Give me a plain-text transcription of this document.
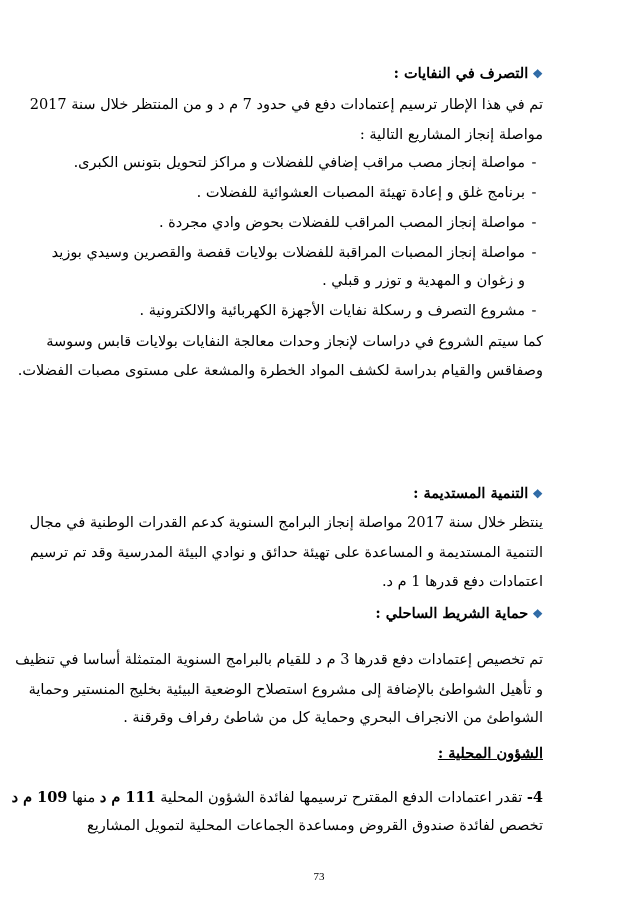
❖التصرف في النفايات :
تم في هذا الإطار ترسيم إعتمادات دفع في حدود 7 م د و من المنتظر خلال سنة 2017
مواصلة إنجاز المشاريع التالية :
-مواصلة إنجاز مصب مراقب إضافي للفضلات و مراكز لتحويل بتونس الكبرى.
-برنامج غلق و إعادة تهيئة المصبات العشوائية للفضلات .
-مواصلة إنجاز المصب المراقب للفضلات بحوض وادي مجردة .
-مواصلة إنجاز المصبات المراقبة للفضلات بولايات قفصة والقصرين وسيدي بوزيد
و زغوان و المهدية و توزر و قبلي .
-مشروع التصرف و رسكلة نفايات الأجهزة الكهربائية والالكترونية .
كما سيتم الشروع في دراسات لإنجاز وحدات معالجة النفايات بولايات قابس وسوسة
وصفاقس والقيام بدراسة لكشف المواد الخطرة والمشعة على مستوى مصبات الفضلات.
❖التنمية المستديمة :
ينتظر خلال سنة 2017 مواصلة إنجاز البرامج السنوية كدعم القدرات الوطنية في مجال
التنمية المستديمة و المساعدة على تهيئة حدائق و نوادي البيئة المدرسية وقد تم ترسيم
اعتمادات دفع قدرها 1 م د.
❖حماية الشريط الساحلي :
تم تخصيص إعتمادات دفع قدرها 3 م د للقيام بالبرامج السنوية المتمثلة أساسا في تنظيف
و تأهيل الشواطئ بالإضافة إلى مشروع استصلاح الوضعية البيئية بخليج المنستير وحماية
الشواطئ من الانجراف البحري وحماية كل من شاطئ رفراف وقرقنة .
الشؤون المحلية :
4- تقدر اعتمادات الدفع المقترح ترسيمها لفائدة الشؤون المحلية 111 م د منها 109 م د
تخصص لفائدة صندوق القروض ومساعدة الجماعات المحلية لتمويل المشاريع
73
